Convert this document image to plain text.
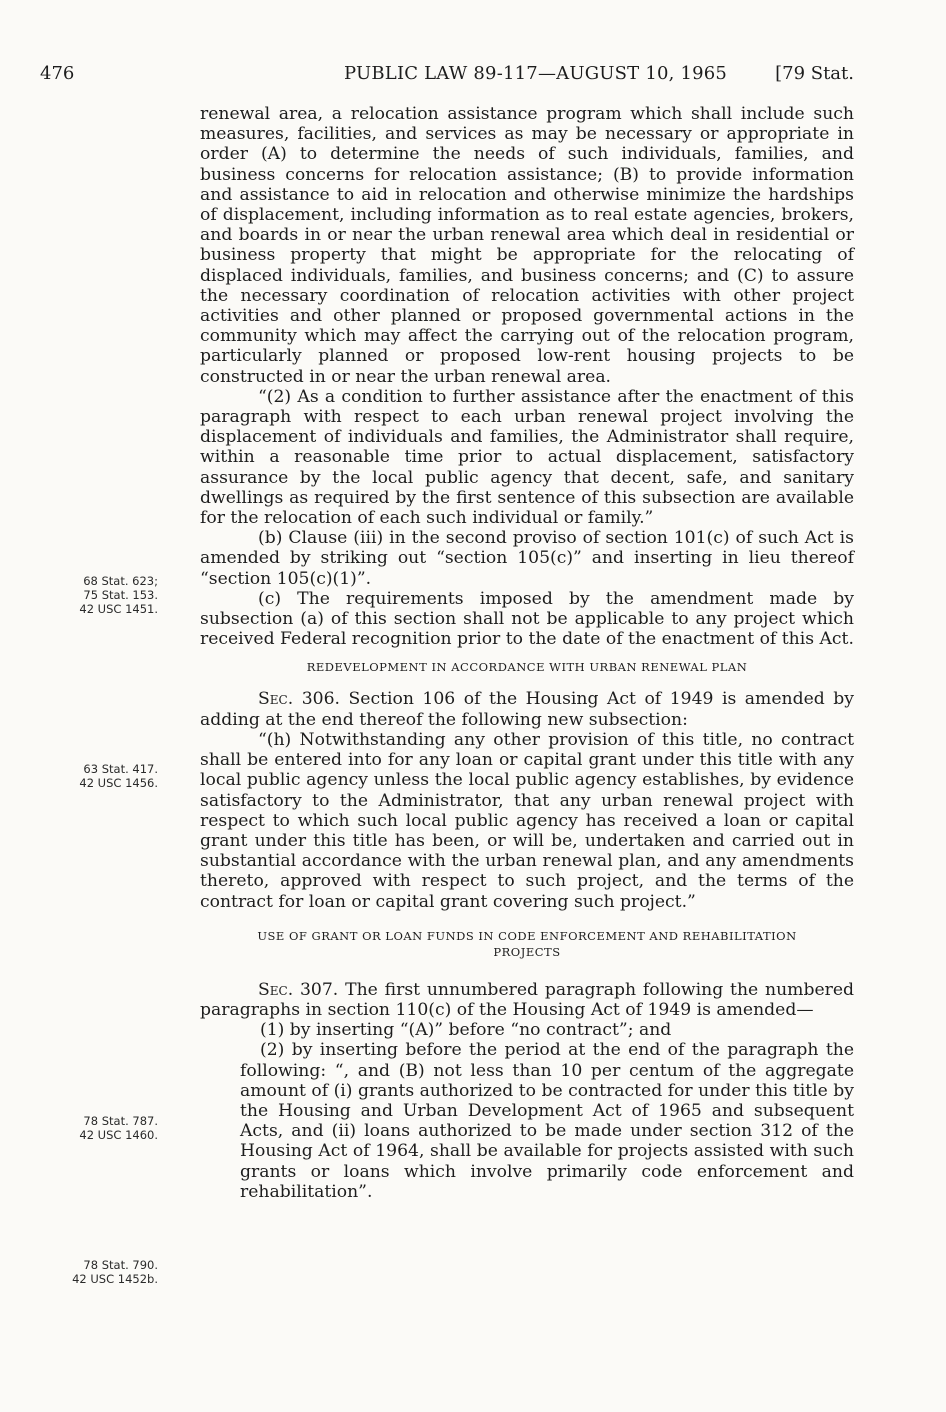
476	PUBLIC LAW 89-117—AUGUST 10, 1965	[79 Stat.
68 Stat. 623;
75 Stat. 153.
42 USC 1451.
63 Stat. 417.
42 USC 1456.
78 Stat. 787.
42 USC 1460.
78 Stat. 790.
42 USC 1452b.

renewal area, a relocation assistance program which shall include such measures, facilities, and services as may be necessary or appropriate in order (A) to determine the needs of such individuals, families, and business concerns for relocation assistance; (B) to provide information and assistance to aid in relocation and otherwise minimize the hardships of displacement, including information as to real estate agencies, brokers, and boards in or near the urban renewal area which deal in residential or business property that might be appropriate for the relocating of displaced individuals, families, and business concerns; and (C) to assure the necessary coordination of relocation activities with other project activities and other planned or proposed governmental actions in the community which may affect the carrying out of the relocation program, particularly planned or proposed low-rent housing projects to be constructed in or near the urban renewal area.

“(2) As a condition to further assistance after the enactment of this paragraph with respect to each urban renewal project involving the displacement of individuals and families, the Administrator shall require, within a reasonable time prior to actual displacement, satisfactory assurance by the local public agency that decent, safe, and sanitary dwellings as required by the first sentence of this subsection are available for the relocation of each such individual or family.”

(b) Clause (iii) in the second proviso of section 101(c) of such Act is amended by striking out “section 105(c)” and inserting in lieu thereof “section 105(c)(1)”.

(c) The requirements imposed by the amendment made by subsection (a) of this section shall not be applicable to any project which received Federal recognition prior to the date of the enactment of this Act.

REDEVELOPMENT IN ACCORDANCE WITH URBAN RENEWAL PLAN

Sec. 306. Section 106 of the Housing Act of 1949 is amended by adding at the end thereof the following new subsection:

“(h) Notwithstanding any other provision of this title, no contract shall be entered into for any loan or capital grant under this title with any local public agency unless the local public agency establishes, by evidence satisfactory to the Administrator, that any urban renewal project with respect to which such local public agency has received a loan or capital grant under this title has been, or will be, undertaken and carried out in substantial accordance with the urban renewal plan, and any amendments thereto, approved with respect to such project, and the terms of the contract for loan or capital grant covering such project.”

USE OF GRANT OR LOAN FUNDS IN CODE ENFORCEMENT AND REHABILITATION
PROJECTS

Sec. 307. The first unnumbered paragraph following the numbered paragraphs in section 110(c) of the Housing Act of 1949 is amended—

(1) by inserting “(A)” before “no contract”; and

(2) by inserting before the period at the end of the paragraph the following: “, and (B) not less than 10 per centum of the aggregate amount of (i) grants authorized to be contracted for under this title by the Housing and Urban Development Act of 1965 and subsequent Acts, and (ii) loans authorized to be made under section 312 of the Housing Act of 1964, shall be available for projects assisted with such grants or loans which involve primarily code enforcement and rehabilitation”.
